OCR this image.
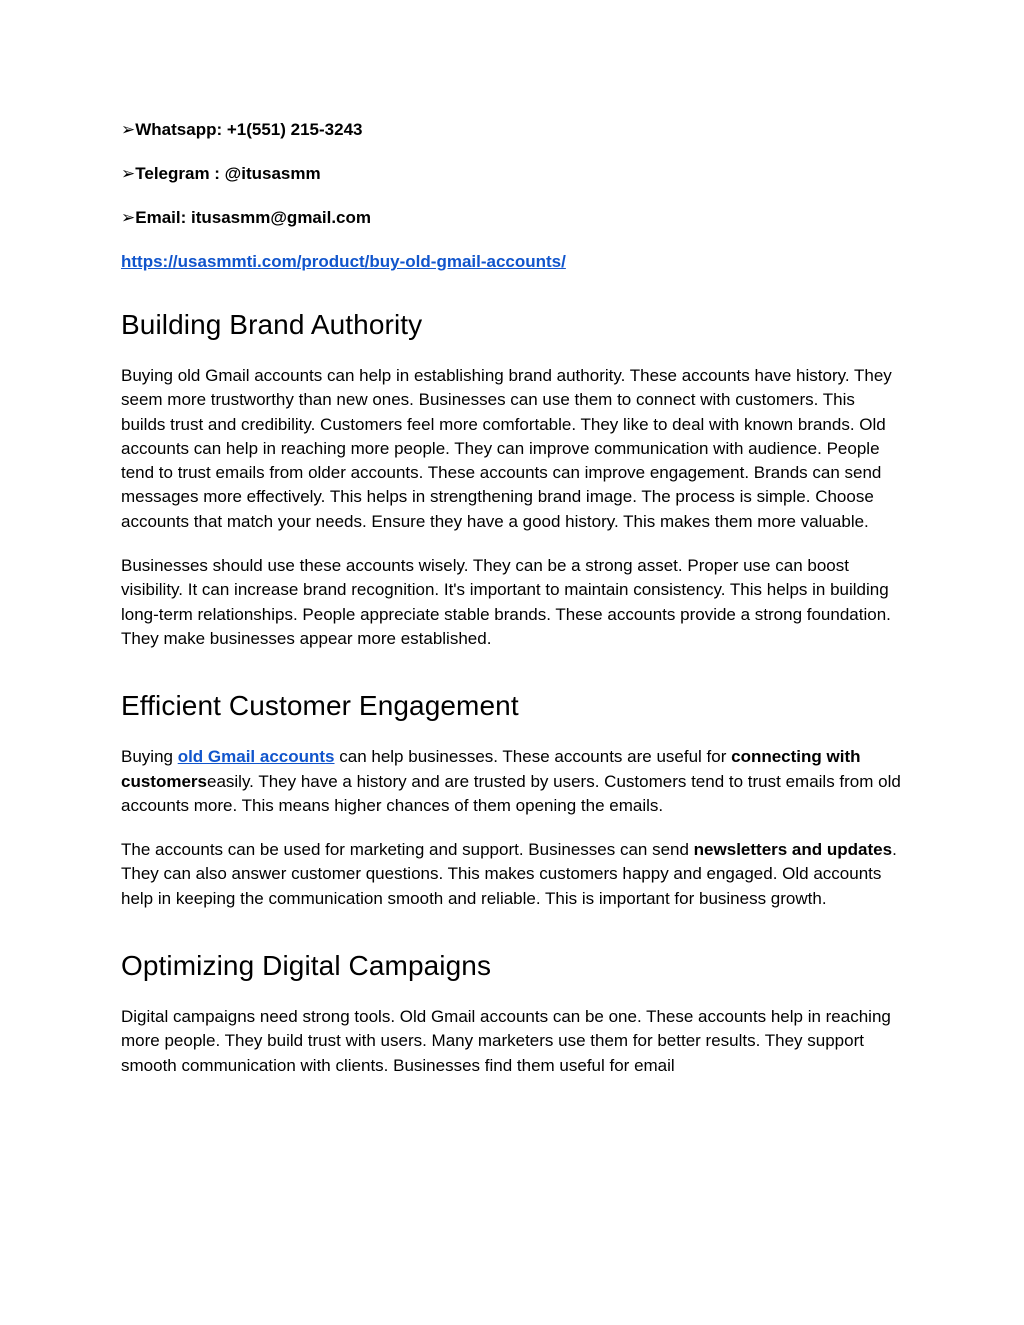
➢Whatsapp: +1(551) 215-3243
➢Telegram : @itusasmm
➢Email: itusasmm@gmail.com
https://usasmmti.com/product/buy-old-gmail-accounts/
Building Brand Authority

Buying old Gmail accounts can help in establishing brand authority. These accounts have history. They seem more trustworthy than new ones. Businesses can use them to connect with customers. This builds trust and credibility. Customers feel more comfortable. They like to deal with known brands. Old accounts can help in reaching more people. They can improve communication with audience. People tend to trust emails from older accounts. These accounts can improve engagement. Brands can send messages more effectively. This helps in strengthening brand image. The process is simple. Choose accounts that match your needs. Ensure they have a good history. This makes them more valuable.

Businesses should use these accounts wisely. They can be a strong asset. Proper use can boost visibility. It can increase brand recognition. It's important to maintain consistency. This helps in building long-term relationships. People appreciate stable brands. These accounts provide a strong foundation. They make businesses appear more established.

Efficient Customer Engagement

Buying old Gmail accounts can help businesses. These accounts are useful for connecting with customerseasily. They have a history and are trusted by users. Customers tend to trust emails from old accounts more. This means higher chances of them opening the emails.

The accounts can be used for marketing and support. Businesses can send newsletters and updates. They can also answer customer questions. This makes customers happy and engaged. Old accounts help in keeping the communication smooth and reliable. This is important for business growth.

Optimizing Digital Campaigns

Digital campaigns need strong tools. Old Gmail accounts can be one. These accounts help in reaching more people. They build trust with users. Many marketers use them for better results. They support smooth communication with clients. Businesses find them useful for email
